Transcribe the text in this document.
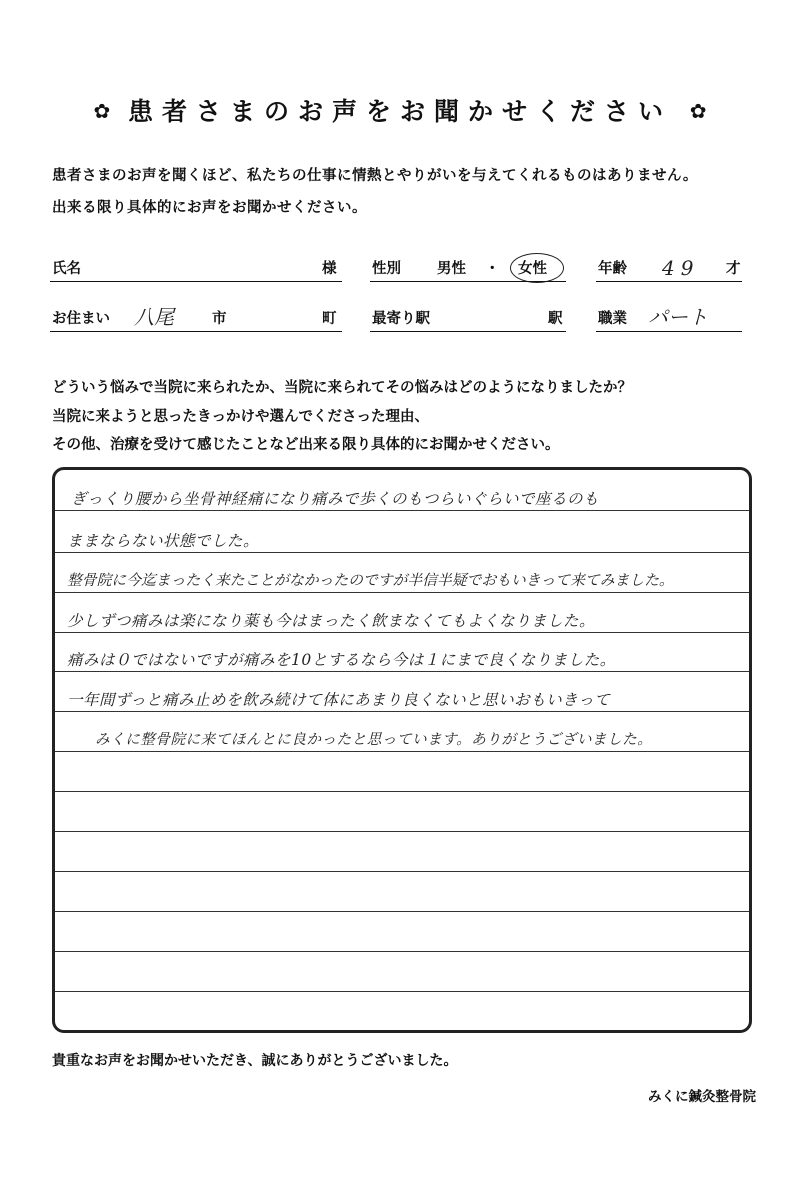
✿ 患者さまのお声をお聞かせください ✿
患者さまのお声を聞くほど、私たちの仕事に情熱とやりがいを与えてくれるものはありません。
出来る限り具体的にお声をお聞かせください。
氏名	様 性別 男性 ・ 女性	年齢 49 才
お住まい 八尾	市	町 最寄り駅	駅 職業 パート
どういう悩みで当院に来られたか、当院に来られてその悩みはどのようになりましたか？
当院に来ようと思ったきっかけや選んでくださった理由、
その他、治療を受けて感じたことなど出来る限り具体的にお聞かせください。
ぎっくり腰から坐骨神経痛になり痛みで歩くのもつらいぐらいで座るのも
ままならない状態でした。
整骨院に今迄まったく来たことがなかったのですが半信半疑でおもいきって来てみました。
少しずつ痛みは楽になり薬も今はまったく飲まなくてもよくなりました。
痛みは０ではないですが痛みを10とするなら今は１にまで良くなりました。
一年間ずっと痛み止めを飲み続けて体にあまり良くないと思いおもいきって
みくに整骨院に来てほんとに良かったと思っています。ありがとうございました。
貴重なお声をお聞かせいただき、誠にありがとうございました。
みくに鍼灸整骨院
